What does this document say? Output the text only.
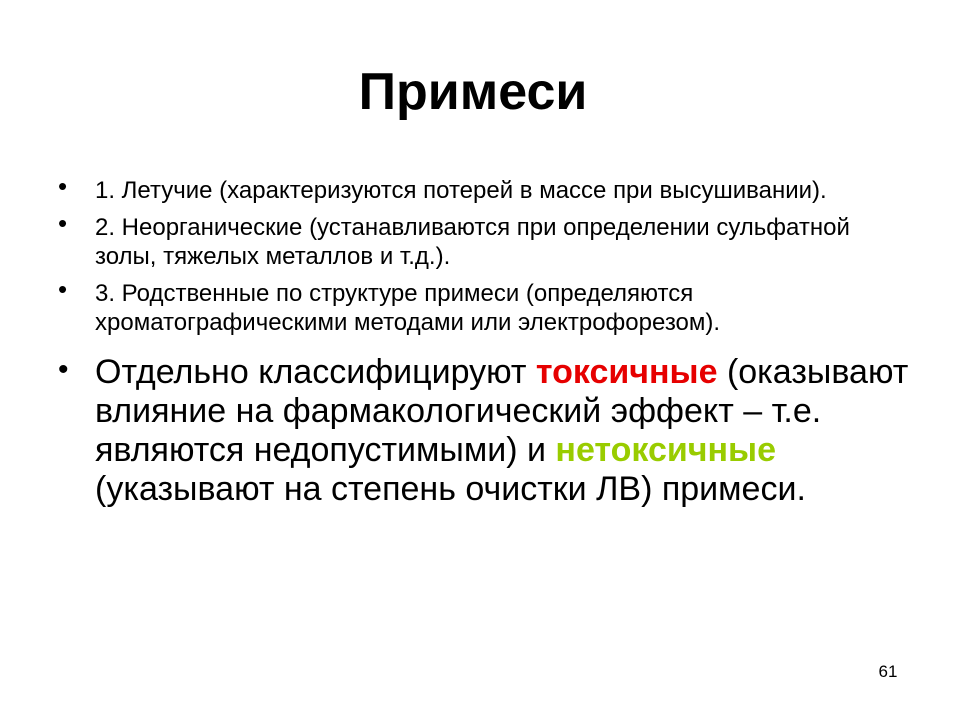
Примеси
• 1. Летучие (характеризуются потерей в массе при высушивании).
• 2. Неорганические (устанавливаются при определении сульфатной золы, тяжелых металлов и т.д.).
• 3. Родственные по структуре примеси (определяются хроматографическими методами или электрофорезом).
• Отдельно классифицируют токсичные (оказывают влияние на фармакологический эффект – т.е. являются недопустимыми) и нетоксичные (указывают на степень очистки ЛВ) примеси.
61
